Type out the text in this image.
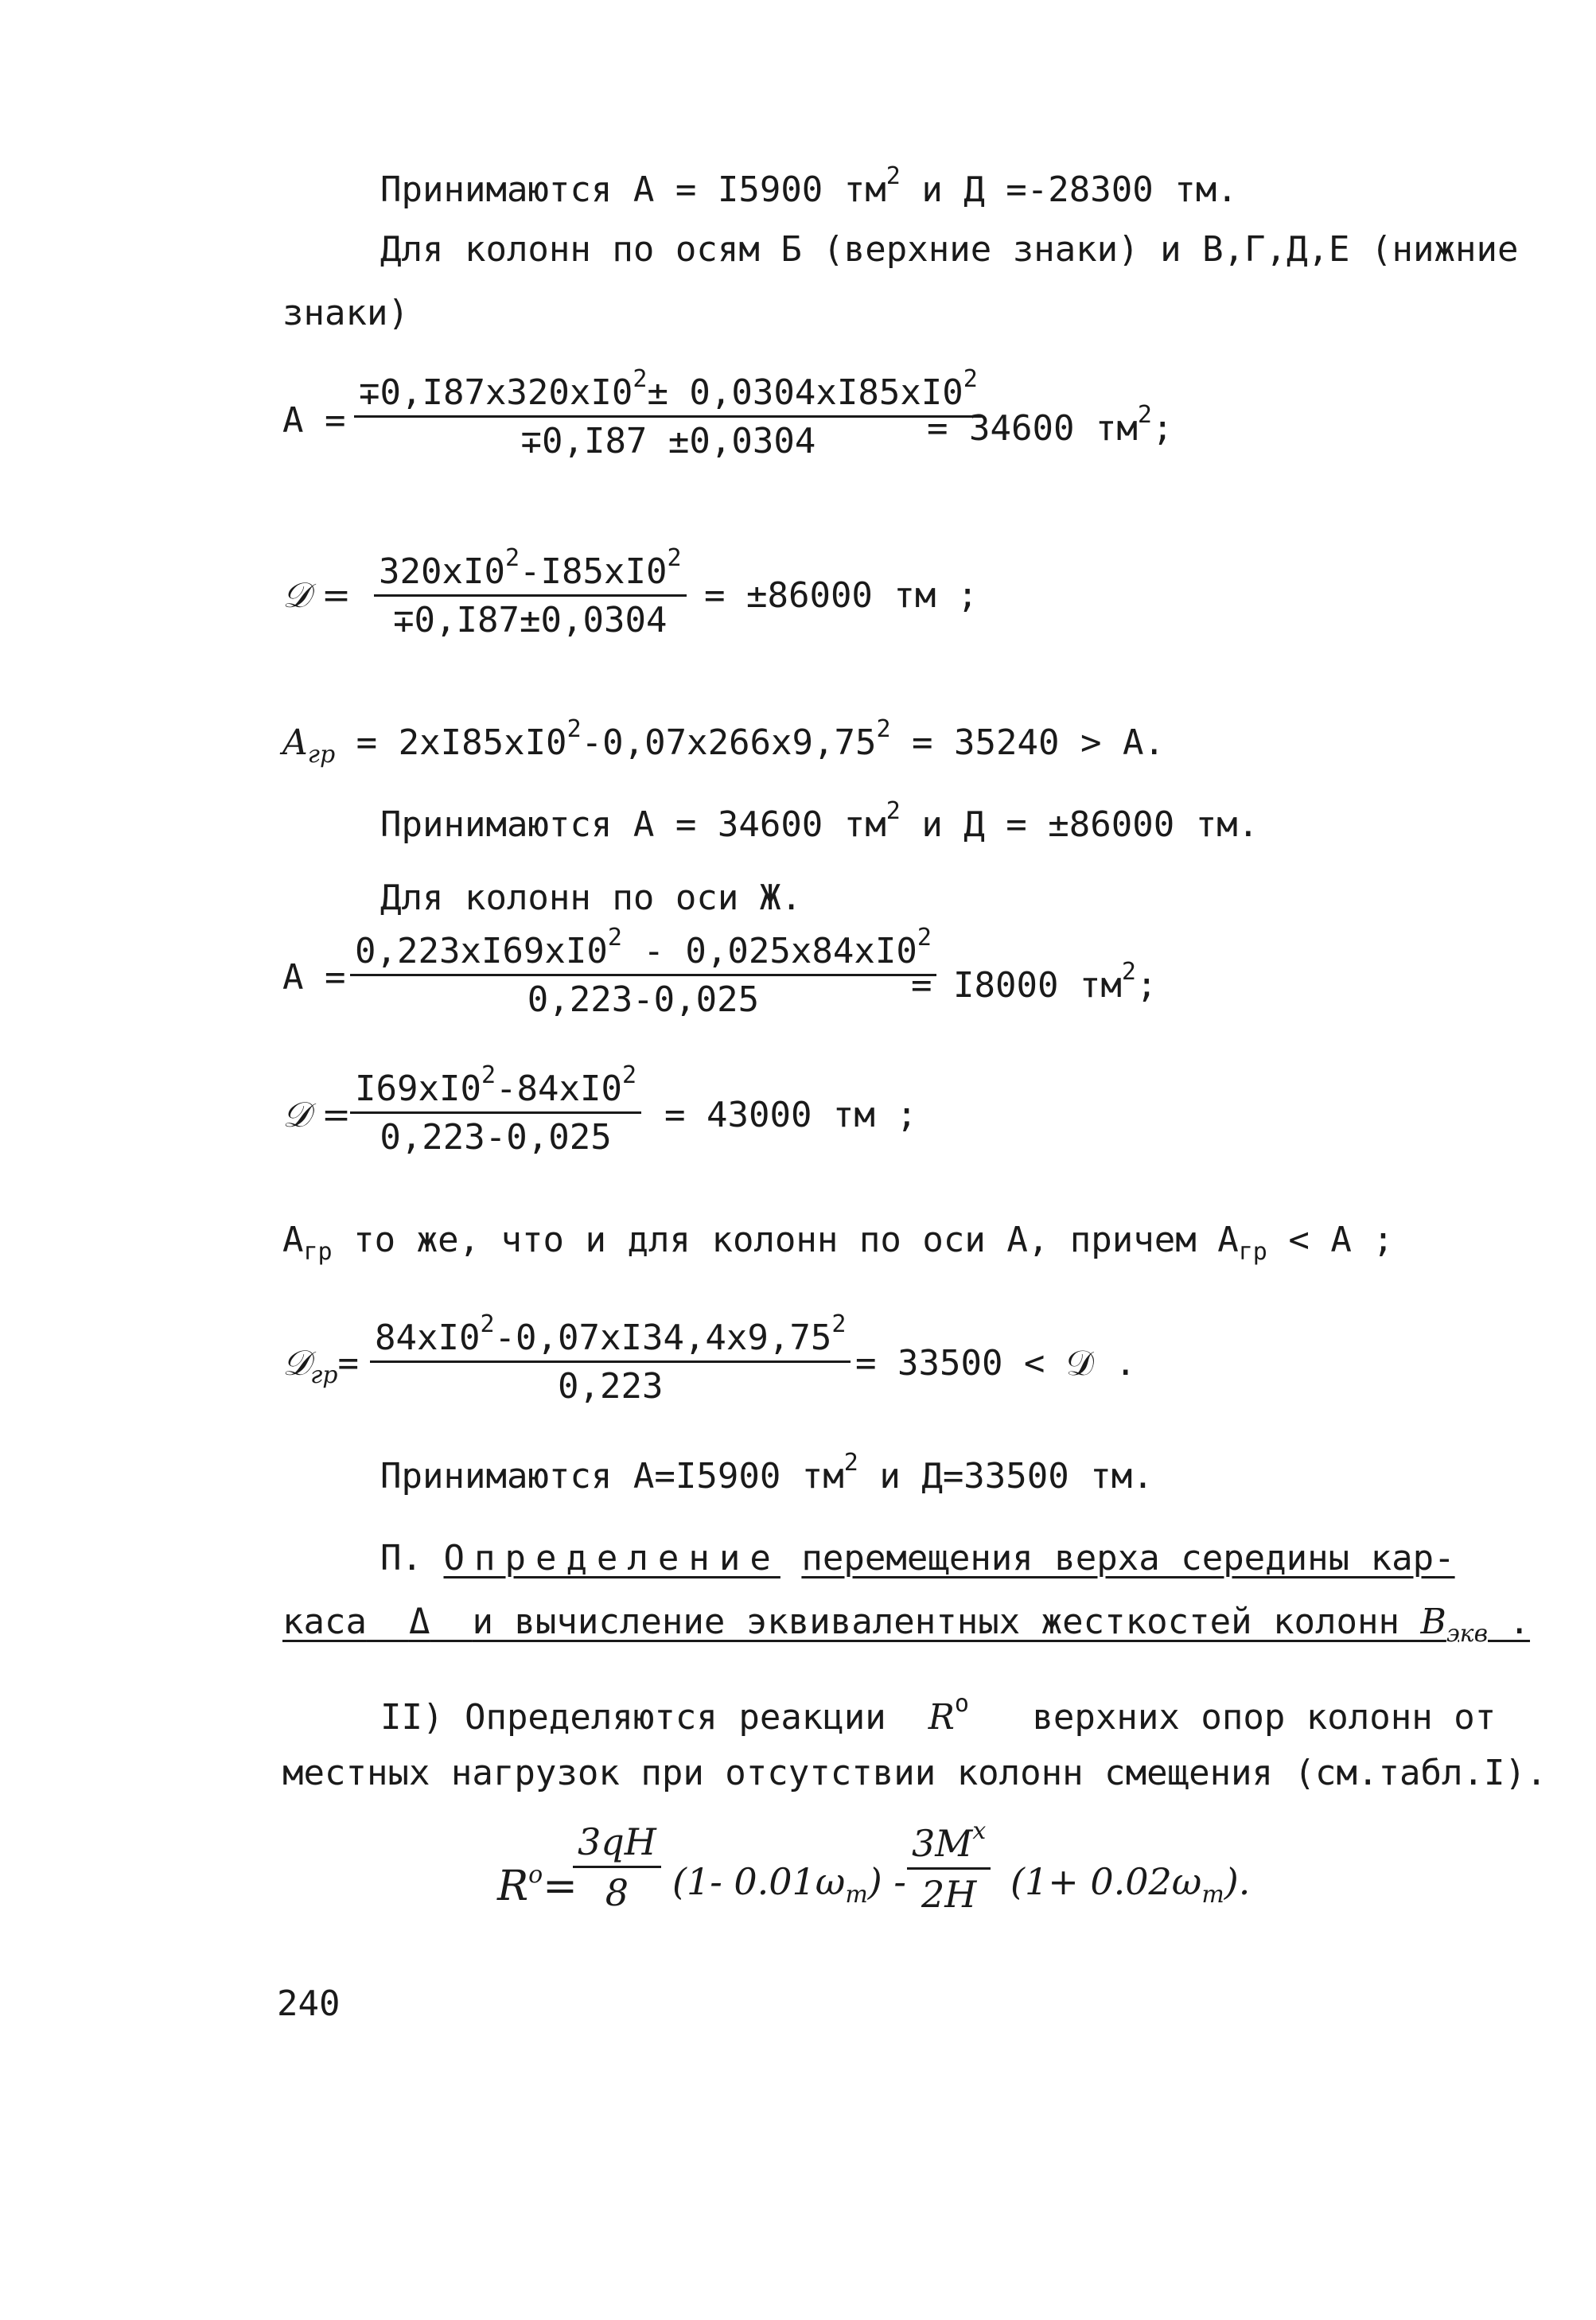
Принимаются А = I5900 $тм^2$ и Д =-28300 тм.
Для колонн по осям Б (верхние знаки) и В,Г,Д,Е (нижние
знаки)
А =
$\mp 0,I87х320хI0^2\pm 0,0304хI85хI0^2$
∓0,I87 ±0,0304	= 34600 $тм^2$;
𝒟 =
$320хI0^2-I85хI0^2$
∓0,I87±0,0304
= ±86000 тм ;
$A_{гр} = 2хI85хI0^2-0,07х266х9,75^2 = 35240 > А$.
Принимаются А = 34600 $тм^2$ и Д = ±86000 тм.
Для колонн по оси Ж.
А =
$0,223хI69хI0^2 - 0,025х84хI0^2$
0,223-0,025	= I8000 $тм^2$;
𝒟 =
$I69хI0^2-84хI0^2$
0,223-0,025
= 43000 тм ;
$А_{гр}$ то же, что и для колонн по оси А, причем $А_{гр} < А$ ;
𝒟$_{гр}$=
$84хI0^2-0,07хI34,4х9,75^2$
0,223
= 33500 < 𝒟 .
Принимаются А=I5900 $тм^2$ и Д=33500 тм.
П. Определение перемещения верха середины кар-
каса Δ и вычисление эквивалентных жесткостей колонн $B_{экв}$ .
II) Определяются реакции $R^o$ верхних опор колонн от
местных нагрузок при отсутствии колонн смещения (см.табл.I).
$R^o=$
$\frac{3qH}{8} (1-$ $0.01\omega_т) - \frac{3M^x}{2H} (1+ 0.02\omega_т)$.
240
